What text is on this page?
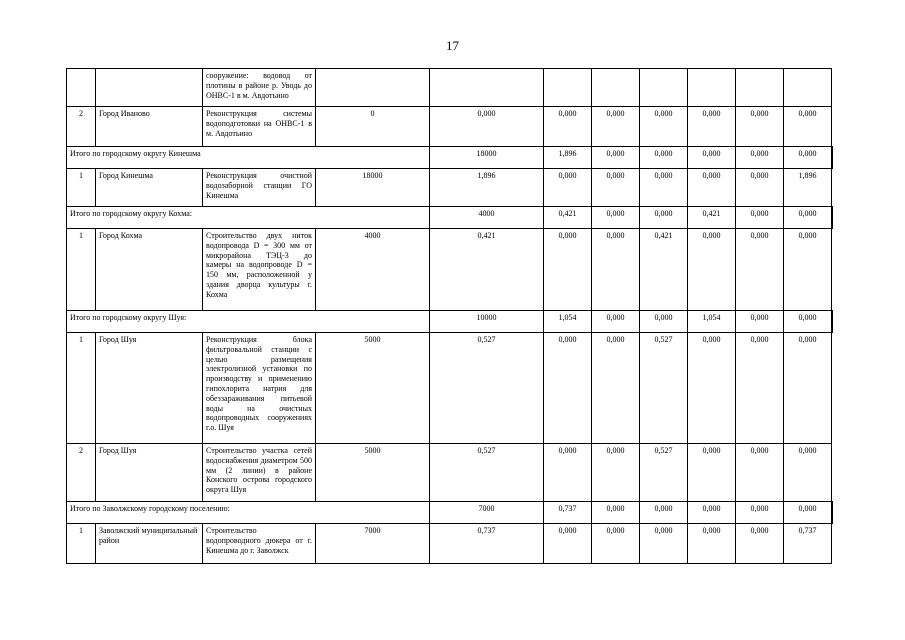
17
		сооружение: водовод от плотины в районе р. Уводь до ОНВС-1 в м. Авдотьино									
2	Город Иваново	Реконструкция системы водоподготовки на ОНВС-1 в м. Авдотьино	0	0,000	0,000	0,000	0,000	0,000	0,000	0,000	
Итого по городскому округу Кинешма				18000	1,896	0,000	0,000	0,000	0,000	0,000	
1	Город Кинешма	Реконструкция очистной водозаборной станции ГО Кинешма	18000	1,896	0,000	0,000	0,000	0,000	0,000	1,896	
Итого по городскому округу Кохма:				4000	0,421	0,000	0,000	0,421	0,000	0,000	
1	Город Кохма	Строительство двух ниток водопровода D = 300 мм от микрорайона ТЭЦ-3 до камеры на водопроводе D = 150 мм, расположенной у здания дворца культуры г. Кохма	4000	0,421	0,000	0,000	0,421	0,000	0,000	0,000	
Итого по городскому округу Шуя:				10000	1,054	0,000	0,000	1,054	0,000	0,000	
1	Город Шуя	Реконструкция блока фильтровальной станции с целью размещения электролизной установки по производству и применению гипохлорита натрия для обеззараживания питьевой воды на очистных водопроводных сооружениях г.о. Шуя	5000	0,527	0,000	0,000	0,527	0,000	0,000	0,000	
2	Город Шуя	Строительство участка сетей водоснабжения диаметром 500 мм (2 линии) в районе Конского острова городского округа Шуя	5000	0,527	0,000	0,000	0,527	0,000	0,000	0,000	
Итого по Заволжскому городскому поселению:				7000	0,737	0,000	0,000	0,000	0,000	0,000	
1	Заволжский муниципальный район	Строительство водопроводного дюкера от г. Кинешма до г. Заволжск	7000	0,737	0,000	0,000	0,000	0,000	0,000	0,737	
